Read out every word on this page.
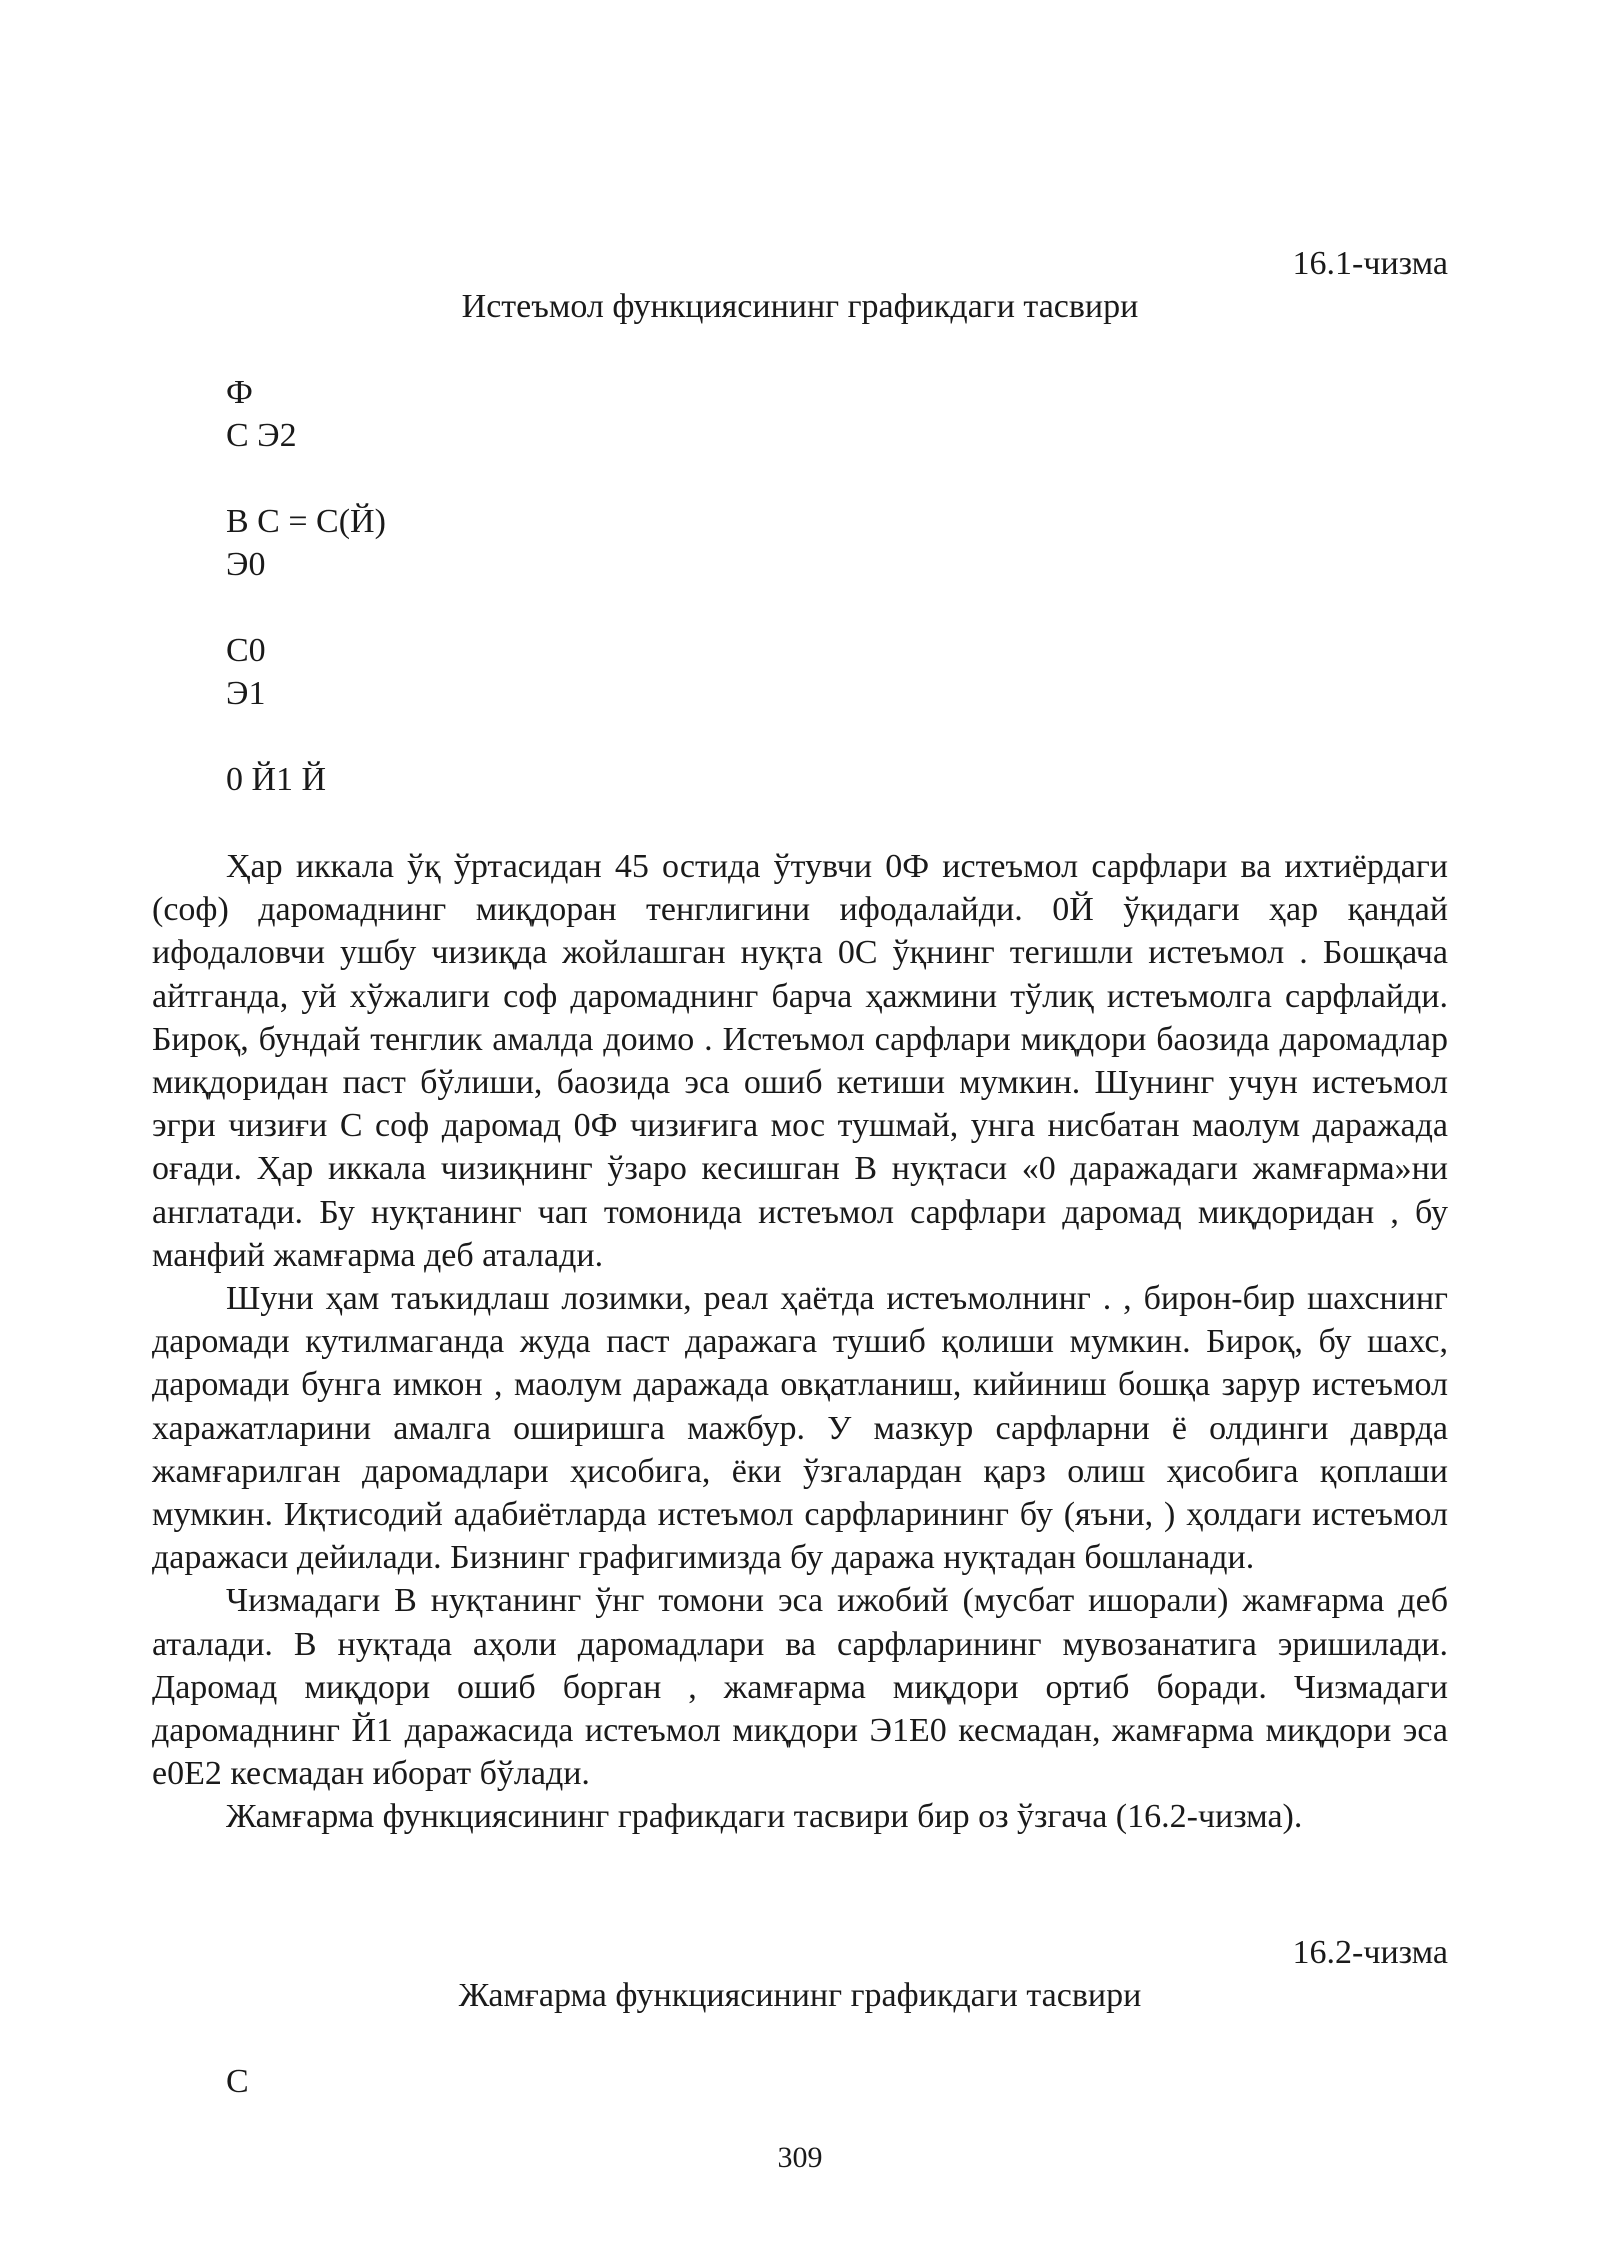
16.1-чизма
Истеъмол функциясининг графикдаги тасвири
Ф
С Э2
В С = С(Й)
Э0
С0
Э1
0 Й1 Й

Ҳар иккала ўқ ўртасидан 45 остида ўтувчи 0Ф истеъмол сарфлари ва ихтиёрдаги (соф) даромаднинг миқдоран тенглигини ифодалайди. 0Й ўқидаги ҳар қандай ифодаловчи ушбу чизиқда жойлашган нуқта 0С ўқнинг тегишли истеъмол . Бошқача айтганда, уй хўжалиги соф даромаднинг барча ҳажмини тўлиқ истеъмолга сарфлайди. Бироқ, бундай тенглик амалда доимо . Истеъмол сарфлари миқдори баозида даромадлар миқдоридан паст бўлиши, баозида эса ошиб кетиши мумкин. Шунинг учун истеъмол эгри чизиғи С соф даромад 0Ф чизиғига мос тушмай, унга нисбатан маолум даражада оғади. Ҳар иккала чизиқнинг ўзаро кесишган В нуқтаси «0 даражадаги жамғарма»ни англатади. Бу нуқтанинг чап томонида истеъмол сарфлари даромад миқдоридан , бу манфий жамғарма деб аталади.

Шуни ҳам таъкидлаш лозимки, реал ҳаётда истеъмолнинг . , бирон-бир шахснинг даромади кутилмаганда жуда паст даражага тушиб қолиши мумкин. Бироқ, бу шахс, даромади бунга имкон , маолум даражада овқатланиш, кийиниш бошқа зарур истеъмол харажатларини амалга оширишга мажбур. У мазкур сарфларни ё олдинги даврда жамғарилган даромадлари ҳисобига, ёки ўзгалардан қарз олиш ҳисобига қоплаши мумкин. Иқтисодий адабиётларда истеъмол сарфларининг бу (яъни, ) ҳолдаги истеъмол даражаси дейилади. Бизнинг графигимизда бу даража нуқтадан бошланади.

Чизмадаги В нуқтанинг ўнг томони эса ижобий (мусбат ишорали) жамғарма деб аталади. В нуқтада аҳоли даромадлари ва сарфларининг мувозанатига эришилади. Даромад миқдори ошиб борган , жамғарма миқдори ортиб боради. Чизмадаги даромаднинг Й1 даражасида истеъмол миқдори Э1Е0 кесмадан, жамғарма миқдори эса е0Е2 кесмадан иборат бўлади.

Жамғарма функциясининг графикдаги тасвири бир оз ўзгача (16.2-чизма).

16.2-чизма
Жамғарма функциясининг графикдаги тасвири
С
309
